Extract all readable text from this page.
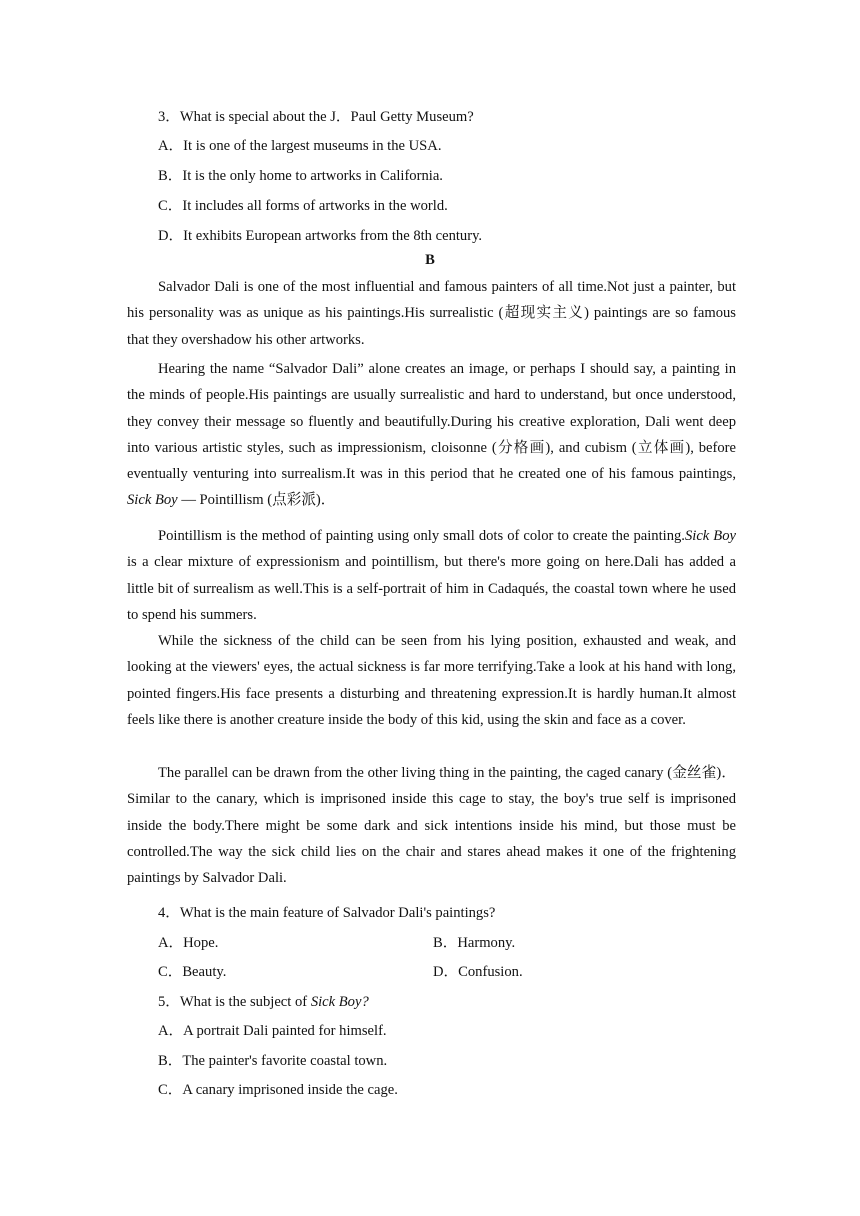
3．What is special about the J．Paul Getty Museum?
A．It is one of the largest museums in the USA.
B．It is the only home to artworks in California.
C．It includes all forms of artworks in the world.
D．It exhibits European artworks from the 8th century.
B
Salvador Dali is one of the most influential and famous painters of all time.Not just a painter, but his personality was as unique as his paintings.His surrealistic (超现实主义) paintings are so famous that they overshadow his other artworks.
Hearing the name “Salvador Dali” alone creates an image, or perhaps I should say, a painting in the minds of people.His paintings are usually surrealistic and hard to understand, but once understood, they convey their message so fluently and beautifully.During his creative exploration, Dali went deep into various artistic styles, such as impressionism, cloisonne (分格画), and cubism (立体画), before eventually venturing into surrealism.It was in this period that he created one of his famous paintings, Sick Boy — Pointillism (点彩派)．
Pointillism is the method of painting using only small dots of color to create the painting.Sick Boy is a clear mixture of expressionism and pointillism, but there's more going on here.Dali has added a little bit of surrealism as well.This is a self-portrait of him in Cadaqués, the coastal town where he used to spend his summers.
While the sickness of the child can be seen from his lying position, exhausted and weak, and looking at the viewers' eyes, the actual sickness is far more terrifying.Take a look at his hand with long, pointed fingers.His face presents a disturbing and threatening expression.It is hardly human.It almost feels like there is another creature inside the body of this kid, using the skin and face as a cover.
The parallel can be drawn from the other living thing in the painting, the caged canary (金丝雀)． Similar to the canary, which is imprisoned inside this cage to stay, the boy's true self is imprisoned inside the body.There might be some dark and sick intentions inside his mind, but those must be controlled.The way the sick child lies on the chair and stares ahead makes it one of the frightening paintings by Salvador Dali.
4．What is the main feature of Salvador Dali's paintings?
A．Hope.	B．Harmony.
C．Beauty.	D．Confusion.
5．What is the subject of Sick Boy?
A．A portrait Dali painted for himself.
B．The painter's favorite coastal town.
C．A canary imprisoned inside the cage.
